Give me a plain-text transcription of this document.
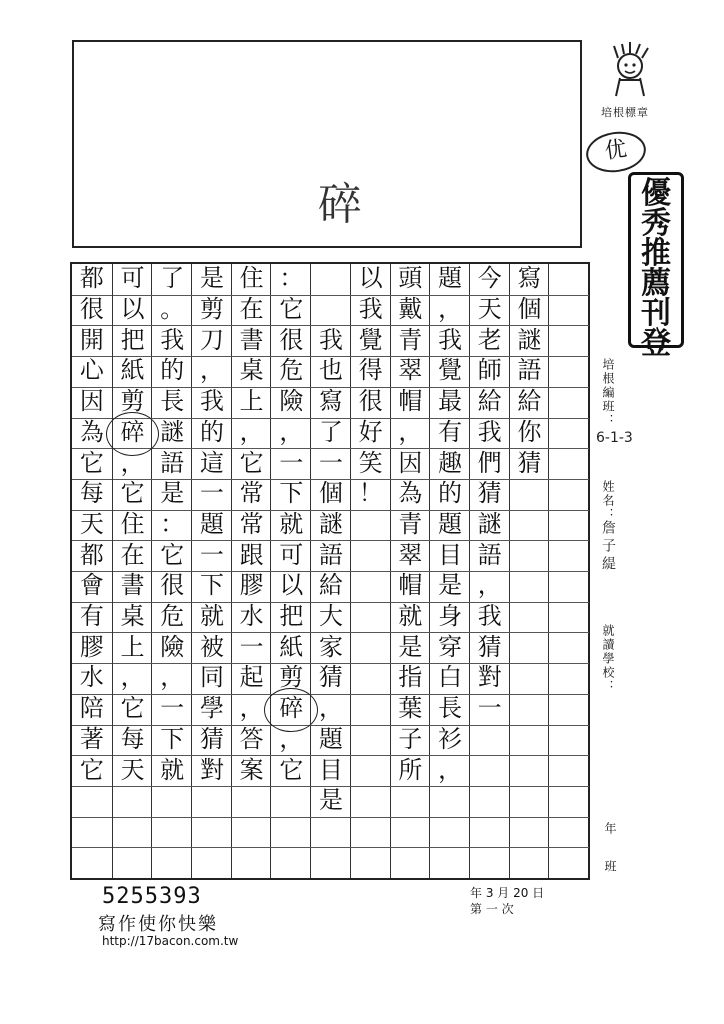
碎
培根標章
优
優
秀
推
薦
刊
登
培根編班：
6-1-3
姓名：
詹子緹
就讀學校：
年
班
寫
個
謎
語
給
你
猜
今
天
老
師
給
我
們
猜
謎
語
，
我
猜
對
一
題
，
我
覺
最
有
趣
的
題
目
是
身
穿
白
長
衫
，
頭
戴
青
翠
帽
，
因
為
青
翠
帽
就
是
指
葉
子
所
以
我
覺
得
很
好
笑
！
我
也
寫
了
一
個
謎
語
給
大
家
猜
，
題
目
是
：
它
很
危
險
，
一
下
就
可
以
把
紙
剪
碎
，
它
住
在
書
桌
上
，
它
常
常
跟
膠
水
一
起
，
答
案
是
剪
刀
，
我
的
這
一
題
一
下
就
被
同
學
猜
對
了
。
我
的
長
謎
語
是
：
它
很
危
險
，
一
下
就
可
以
把
紙
剪
碎
，
它
住
在
書
桌
上
，
它
每
天
都
很
開
心
因
為
它
每
天
都
會
有
膠
水
陪
著
它
5255393
寫作使你快樂
http://17bacon.com.tw
年 3 月 20 日
第 一 次
